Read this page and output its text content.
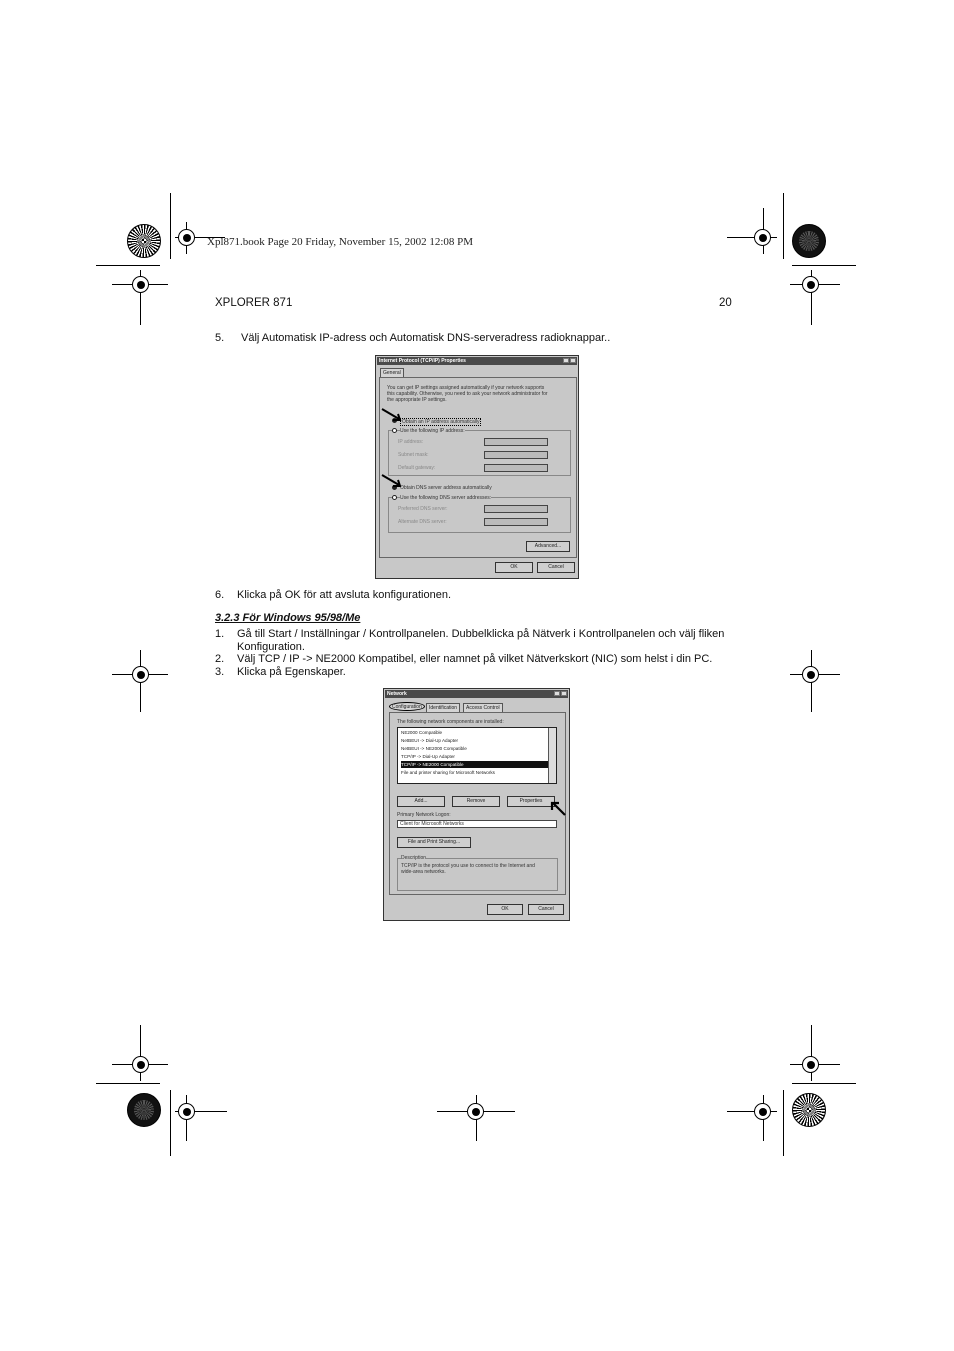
Xpl871.book Page 20 Friday, November 15, 2002 12:08 PM
XPLORER 871	20
5. Välj Automatisk IP-adress och Automatisk DNS-serveradress radioknappar..
Internet Protocol (TCP/IP) Properties
General
You can get IP settings assigned automatically if your network supports
this capability. Otherwise, you need to ask your network administrator for
the appropriate IP settings.
Obtain an IP address automatically
Use the following IP address:
IP address:
Subnet mask:
Default gateway:
Obtain DNS server address automatically
Use the following DNS server addresses:
Preferred DNS server:
Alternate DNS server:
Advanced...
OK	Cancel
6. Klicka på OK för att avsluta konfigurationen.
3.2.3 För Windows 95/98/Me
1. Gå till Start / Inställningar / Kontrollpanelen. Dubbelklicka på Nätverk i Kontrollpanelen och välj fliken Konfiguration.
2. Välj TCP / IP -> NE2000 Kompatibel, eller namnet på vilket Nätverkskort (NIC) som helst i din PC.
3. Klicka på Egenskaper.
Network
Configuration	Identification	Access Control
The following network components are installed:
NE2000 Compatible
NetBEUI -> Dial-Up Adapter
NetBEUI -> NE2000 Compatible
TCP/IP -> Dial-Up Adapter
TCP/IP -> NE2000 Compatible
File and printer sharing for Microsoft Networks
Add...	Remove	Properties
Primary Network Logon:
Client for Microsoft Networks
File and Print Sharing...
Description
TCP/IP is the protocol you use to connect to the Internet and
wide-area networks.
OK	Cancel
